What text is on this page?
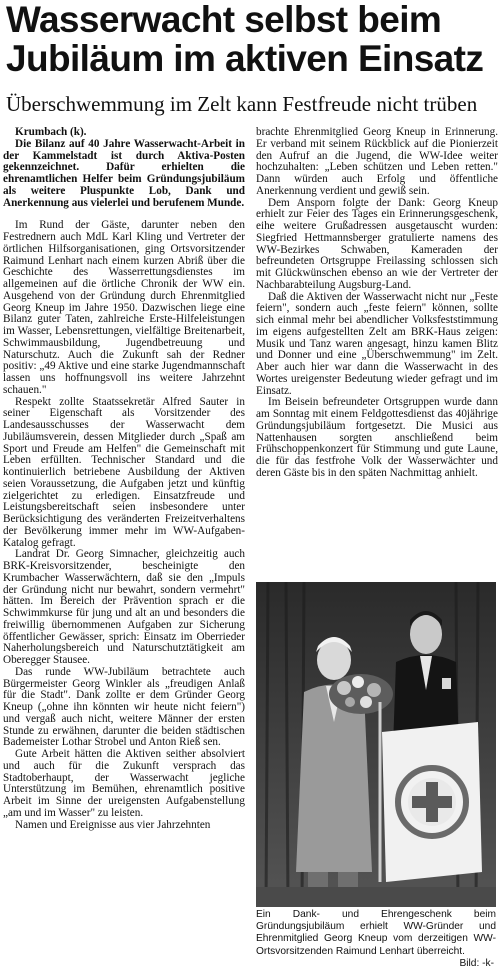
Wasserwacht selbst beim
Jubiläum im aktiven Einsatz
Überschwemmung im Zelt kann Festfreude nicht trüben

Krumbach (k).

Die Bilanz auf 40 Jahre Wasserwacht-Arbeit in der Kammelstadt ist durch Aktiva-Posten gekennzeichnet. Dafür erhielten die ehrenamtlichen Helfer beim Gründungsjubiläum als weitere Pluspunkte Lob, Dank und Anerkennung aus vielerlei und berufenem Munde.

Im Rund der Gäste, darunter neben den Festrednern auch MdL Karl Kling und Vertreter der örtlichen Hilfsorganisationen, ging Ortsvorsitzender Raimund Lenhart nach einem kurzen Abriß über die Geschichte des Wasserrettungsdienstes im allgemeinen auf die örtliche Chronik der WW ein. Ausgehend von der Gründung durch Ehrenmitglied Georg Kneup im Jahre 1950. Dazwischen liege eine Bilanz guter Taten, zahlreiche Erste-Hilfeleistungen im Wasser, Lebensrettungen, vielfältige Breitenarbeit, Schwimmausbildung, Jugendbetreuung und Naturschutz. Auch die Zukunft sah der Redner positiv: „49 Aktive und eine starke Jugendmannschaft lassen uns hoffnungsvoll ins weitere Jahrzehnt schauen."

Respekt zollte Staatssekretär Alfred Sauter in seiner Eigenschaft als Vorsitzender des Landesausschusses der Wasserwacht dem Jubiläumsverein, dessen Mitglieder durch „Spaß am Sport und Freude am Helfen" die Gemeinschaft mit Leben erfüllten. Technischer Standard und die kontinuierlich betriebene Ausbildung der Aktiven seien Voraussetzung, die Aufgaben jetzt und künftig zielgerichtet zu erledigen. Einsatzfreude und Leistungsbereitschaft seien insbesondere unter Berücksichtigung des veränderten Freizeitverhaltens der Bevölkerung immer mehr im WW-Aufgaben-Katalog gefragt.

Landrat Dr. Georg Simnacher, gleichzeitig auch BRK-Kreisvorsitzender, bescheinigte den Krumbacher Wasserwächtern, daß sie den „Impuls der Gründung nicht nur bewahrt, sondern vermehrt" hätten. Im Bereich der Prävention sprach er die Schwimmkurse für jung und alt an und besonders die freiwillig übernommenen Aufgaben zur Sicherung öffentlicher Gewässer, sprich: Einsatz im Oberrieder Naherholungsbereich und Naturschutztätigkeit am Oberegger Stausee.

Das runde WW-Jubiläum betrachtete auch Bürgermeister Georg Winkler als „freudigen Anlaß für die Stadt". Dank zollte er dem Gründer Georg Kneup („ohne ihn könnten wir heute nicht feiern") und vergaß auch nicht, weitere Männer der ersten Stunde zu erwähnen, darunter die beiden städtischen Bademeister Lothar Strobel und Anton Rieß sen.

Gute Arbeit hätten die Aktiven seither absolviert und auch für die Zukunft versprach das Stadtoberhaupt, der Wasserwacht jegliche Unterstützung im Bemühen, ehrenamtlich positive Arbeit im Sinne der ureigensten Aufgabenstellung „am und im Wasser" zu leisten.

Namen und Ereignisse aus vier Jahrzehnten

brachte Ehrenmitglied Georg Kneup in Erinnerung. Er verband mit seinem Rückblick auf die Pionierzeit den Aufruf an die Jugend, die WW-Idee weiter hochzuhalten: „Leben schützen und Leben retten." Dann würden auch Erfolg und öffentliche Anerkennung verdient und gewiß sein.

Dem Ansporn folgte der Dank: Georg Kneup erhielt zur Feier des Tages ein Erinnerungsgeschenk, eihe weitere Grußadressen ausgetauscht wurden: Siegfried Hettmannsberger gratulierte namens des WW-Bezirkes Schwaben, Kameraden der befreundeten Ortsgruppe Freilassing schlossen sich mit Glückwünschen ebenso an wie der Vertreter der Nachbarabteilung Augsburg-Land.

Daß die Aktiven der Wasserwacht nicht nur „Feste feiern", sondern auch „feste feiern" können, sollte sich einmal mehr bei abendlicher Volksfeststimmung im eigens aufgestellten Zelt am BRK-Haus zeigen: Musik und Tanz waren angesagt, hinzu kamen Blitz und Donner und eine „Überschwemmung" im Zelt. Aber auch hier war dann die Wasserwacht in des Wortes ureigenster Bedeutung wieder gefragt und im Einsatz.

Im Beisein befreundeter Ortsgruppen wurde dann am Sonntag mit einem Feldgottesdienst das 40jährige Gründungsjubiläum fortgesetzt. Die Musici aus Nattenhausen sorgten anschließend beim Frühschoppenkonzert für Stimmung und gute Laune, die für das festfrohe Volk der Wasserwächter und deren Gäste bis in den späten Nachmittag anhielt.

Ein Dank- und Ehrengeschenk beim Gründungsjubiläum erhielt WW-Gründer und Ehrenmitglied Georg Kneup vom derzeitigen WW-Ortsvorsitzenden Raimund Lenhart überreicht.
Bild: -k-
